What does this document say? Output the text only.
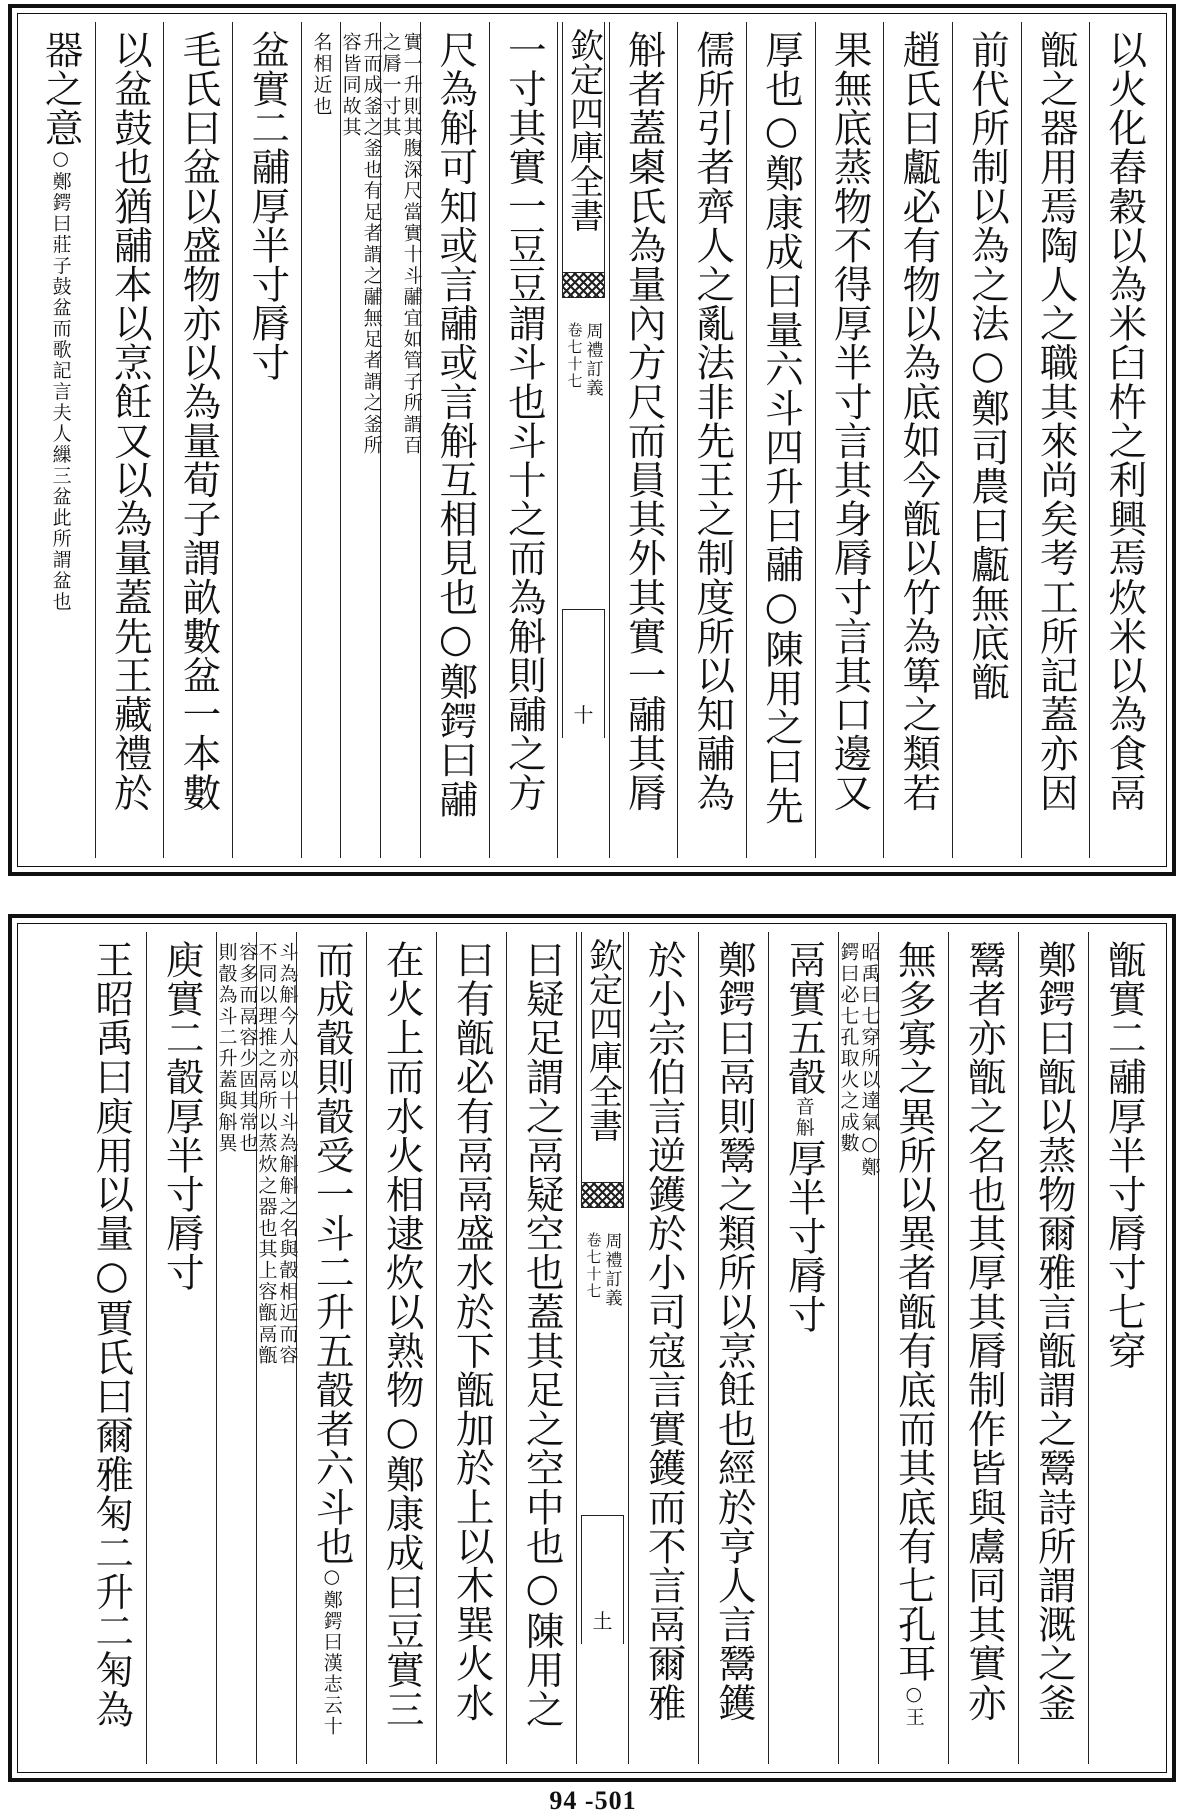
以火化舂穀以為米臼杵之利興焉炊米以為食鬲
甑之器用焉陶人之職其來尚矣考工所記蓋亦因
前代所制以為之法○鄭司農曰甗無底甑
趙氏曰甗必有物以為底如今甑以竹為箄之類若
果無底蒸物不得厚半寸言其身脣寸言其口邊又
厚也○鄭康成曰量六斗四升曰鬴○陳用之曰先
儒所引者齊人之亂法非先王之制度所以知鬴為
斛者蓋㮚氏為量內方尺而員其外其實一鬴其脣
欽定四庫全書
周禮訂義
卷七十七
十
一寸其實一豆豆謂斗也斗十之而為斛則鬴之方
尺為斛可知或言鬴或言斛互相見也○鄭鍔曰鬴
實一升則其腹深尺當實十斗鬴宜如管子所謂百
之脣一寸其
升而成釜之釜也有足者謂之鬴無足者謂之釜所
容皆同故其
名相近也
盆實二鬴厚半寸脣寸
毛氏曰盆以盛物亦以為量荀子謂畝數盆一本數
以盆鼓也猶鬴本以烹飪又以為量蓋先王藏禮於
器之意○鄭鍔曰莊子鼓盆而歌記言夫人繅三盆此所謂盆也
甑實二鬴厚半寸脣寸七穿
鄭鍔曰甑以蒸物爾雅言甑謂之鬵詩所謂溉之釜
鬵者亦甑之名也其厚其脣制作皆與鬳同其實亦
無多寡之異所以異者甑有底而其底有七孔耳○王
昭禹曰七穿所以達氣○鄭
鍔曰必七孔取火之成數
鬲實五瞉音斛厚半寸脣寸
鄭鍔曰鬲則鬵之類所以烹飪也經於亨人言鬵鑊
於小宗伯言逆鑊於小司寇言實鑊而不言鬲爾雅
欽定四庫全書
周禮訂義
卷七十七
土
曰疑足謂之鬲疑空也蓋其足之空中也○陳用之
曰有甑必有鬲鬲盛水於下甑加於上以木巽火水
在火上而水火相逮炊以熟物○鄭康成曰豆實三
而成瞉則瞉受一斗二升五瞉者六斗也○鄭鍔曰漢志云十
斗為斛今人亦以十斗為斛斛之名與瞉相近而容
不同以理推之鬲所以蒸炊之器也其上容甑鬲甑
容多而鬲容少固其常也
則瞉為斗二升蓋與斛異
庾實二瞉厚半寸脣寸
王昭禹曰庾用以量○賈氏曰爾雅匊二升二匊為
94 -501
